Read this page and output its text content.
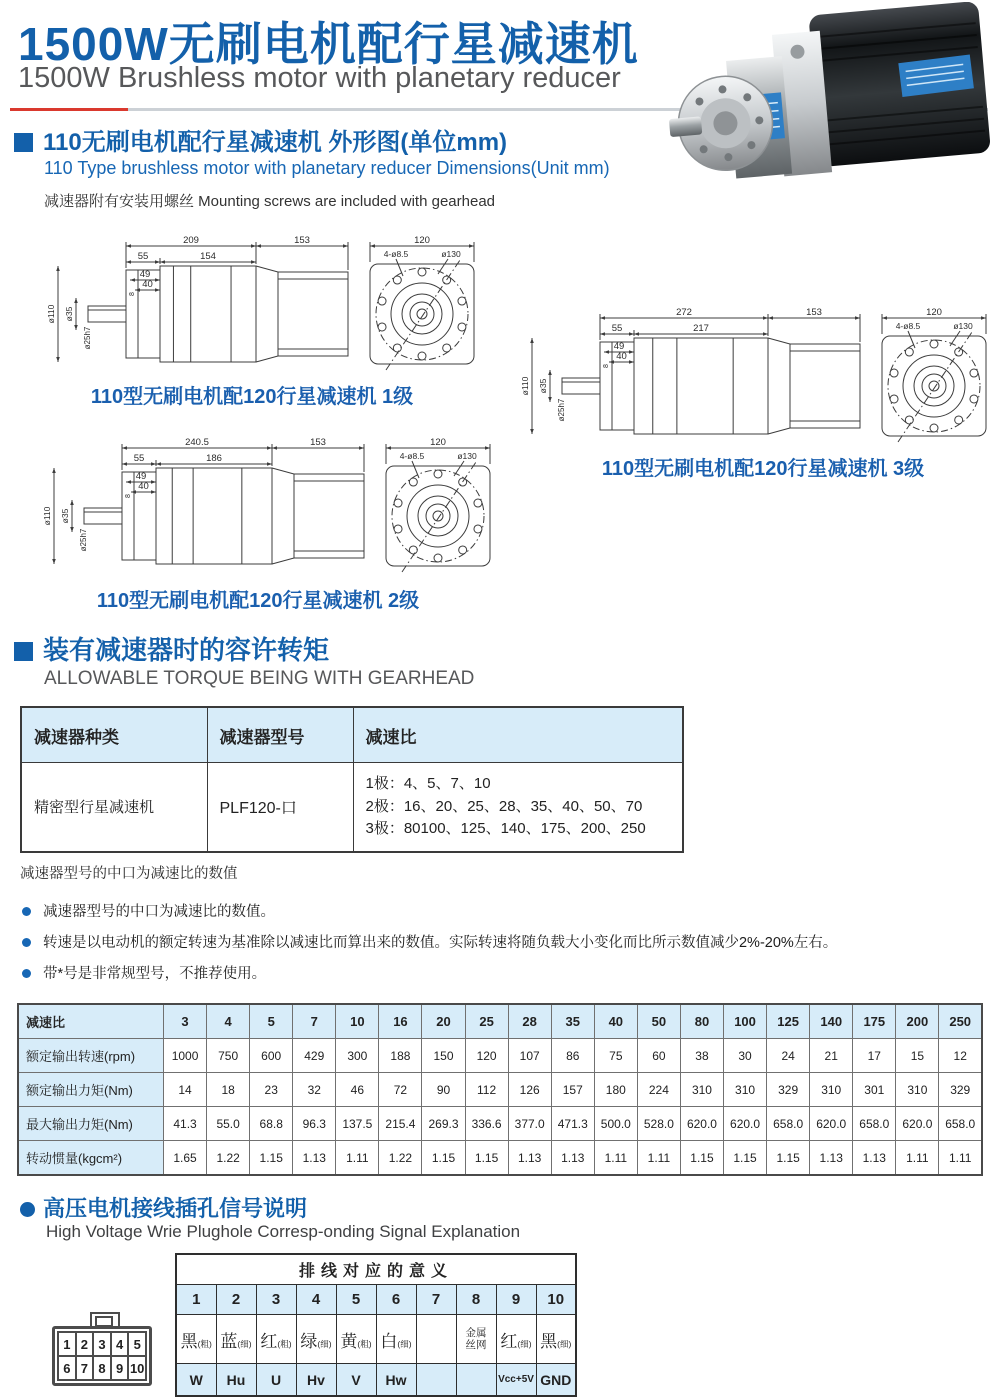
1500W无刷电机配行星减速机
1500W Brushless motor with planetary reducer
110无刷电机配行星减速机 外形图(单位mm)
110 Type brushless motor with planetary reducer Dimensions(Unit mm)
减速器附有安装用螺丝 Mounting screws are included with gearhead
209	153
55	154
49
40
8
ø110 ø35
ø25h7
120
4-ø8.5	ø130
110型无刷电机配120行星减速机 1级
272	153
55	217
49
40
8
ø110 ø35
ø25h7
120
4-ø8.5	ø130
110型无刷电机配120行星减速机 3级
240.5	153
55	186
49
40
8
ø110 ø35
ø25h7
120
4-ø8.5	ø130
110型无刷电机配120行星减速机 2级
装有减速器时的容许转矩
ALLOWABLE TORQUE BEING WITH GEARHEAD
减速器种类	减速器型号	减速比
精密型行星减速机	PLF120-口	1极：4、5、7、10
2极：16、20、25、28、35、40、50、70
3极：80100、125、140、175、200、250
减速器型号的中口为减速比的数值
减速器型号的中口为减速比的数值。
转速是以电动机的额定转速为基准除以减速比而算出来的数值。实际转速将随负载大小变化而比所示数值减少2%-20%左右。
带*号是非常规型号，不推荐使用。
减速比	3	4	5	7	10	16	20	25	28	35	40	50	80	100	125	140	175	200	250
额定输出转速(rpm)	1000	750	600	429	300	188	150	120	107	86	75	60	38	30	24	21	17	15	12
额定输出力矩(Nm)	14	18	23	32	46	72	90	112	126	157	180	224	310	310	329	310	301	310	329
最大输出力矩(Nm)	41.3	55.0	68.8	96.3	137.5	215.4	269.3	336.6	377.0	471.3	500.0	528.0	620.0	620.0	658.0	620.0	658.0	620.0	658.0
转动惯量(kgcm²)	1.65	1.22	1.15	1.13	1.11	1.22	1.15	1.15	1.13	1.13	1.11	1.11	1.15	1.15	1.15	1.13	1.13	1.11	1.11
高压电机接线插孔信号说明
High Voltage Wrie Plughole Corresp-onding Signal Explanation
1 2 3 4 5
6 7 8 9 10
排线对应的意义									
1	2	3	4	5	6	7	8	9	10
黑(粗)	蓝(细)	红(粗)	绿(细)	黄(粗)	白(细)		金属丝网	红(细)	黑(细)
W	Hu	U	Hv	V	Hw			Vcc+5V	GND
